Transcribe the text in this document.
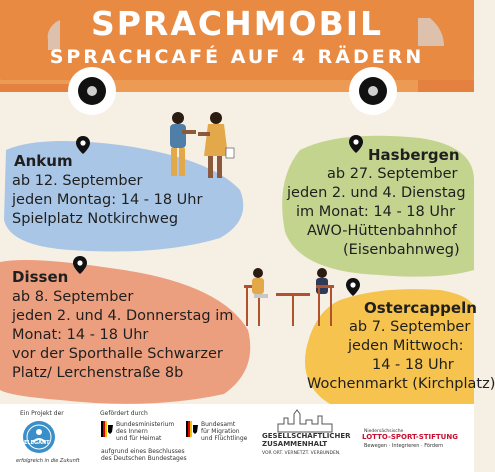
SPRACHMOBIL
SPRACHCAFÉ AUF 4 RÄDERN
Ankum
ab 12. September
jeden Montag: 14 - 18 Uhr
Spielplatz Notkirchweg
Hasbergen
ab 27. September
jeden 2. und 4. Dienstag
im Monat: 14 - 18 Uhr
AWO-Hüttenbahnhof
(Eisenbahnweg)
Dissen
ab 8. September
jeden 2. und 4. Donnerstag im
Monat: 14 - 18 Uhr
vor der Sporthalle Schwarzer
Platz/ Lerchenstraße 8b
Ostercappeln
ab 7. September
jeden Mittwoch:
14 - 18 Uhr
Wochenmarkt (Kirchplatz)
Ein Projekt der
ELEGANT
erfolgreich in die Zukunft
Gefördert durch
Bundesministerium
des Innern
und für Heimat
aufgrund eines Beschlusses
des Deutschen Bundestages
Bundesamt
für Migration
und Flüchtlinge GESELLSCHAFTLICHER
ZUSAMMENHALT
VOR ORT. VERNETZT. VERBUNDEN.
Niedersächsische
LOTTO-SPORT-STIFTUNG
Bewegen · Integrieren · Fördern
